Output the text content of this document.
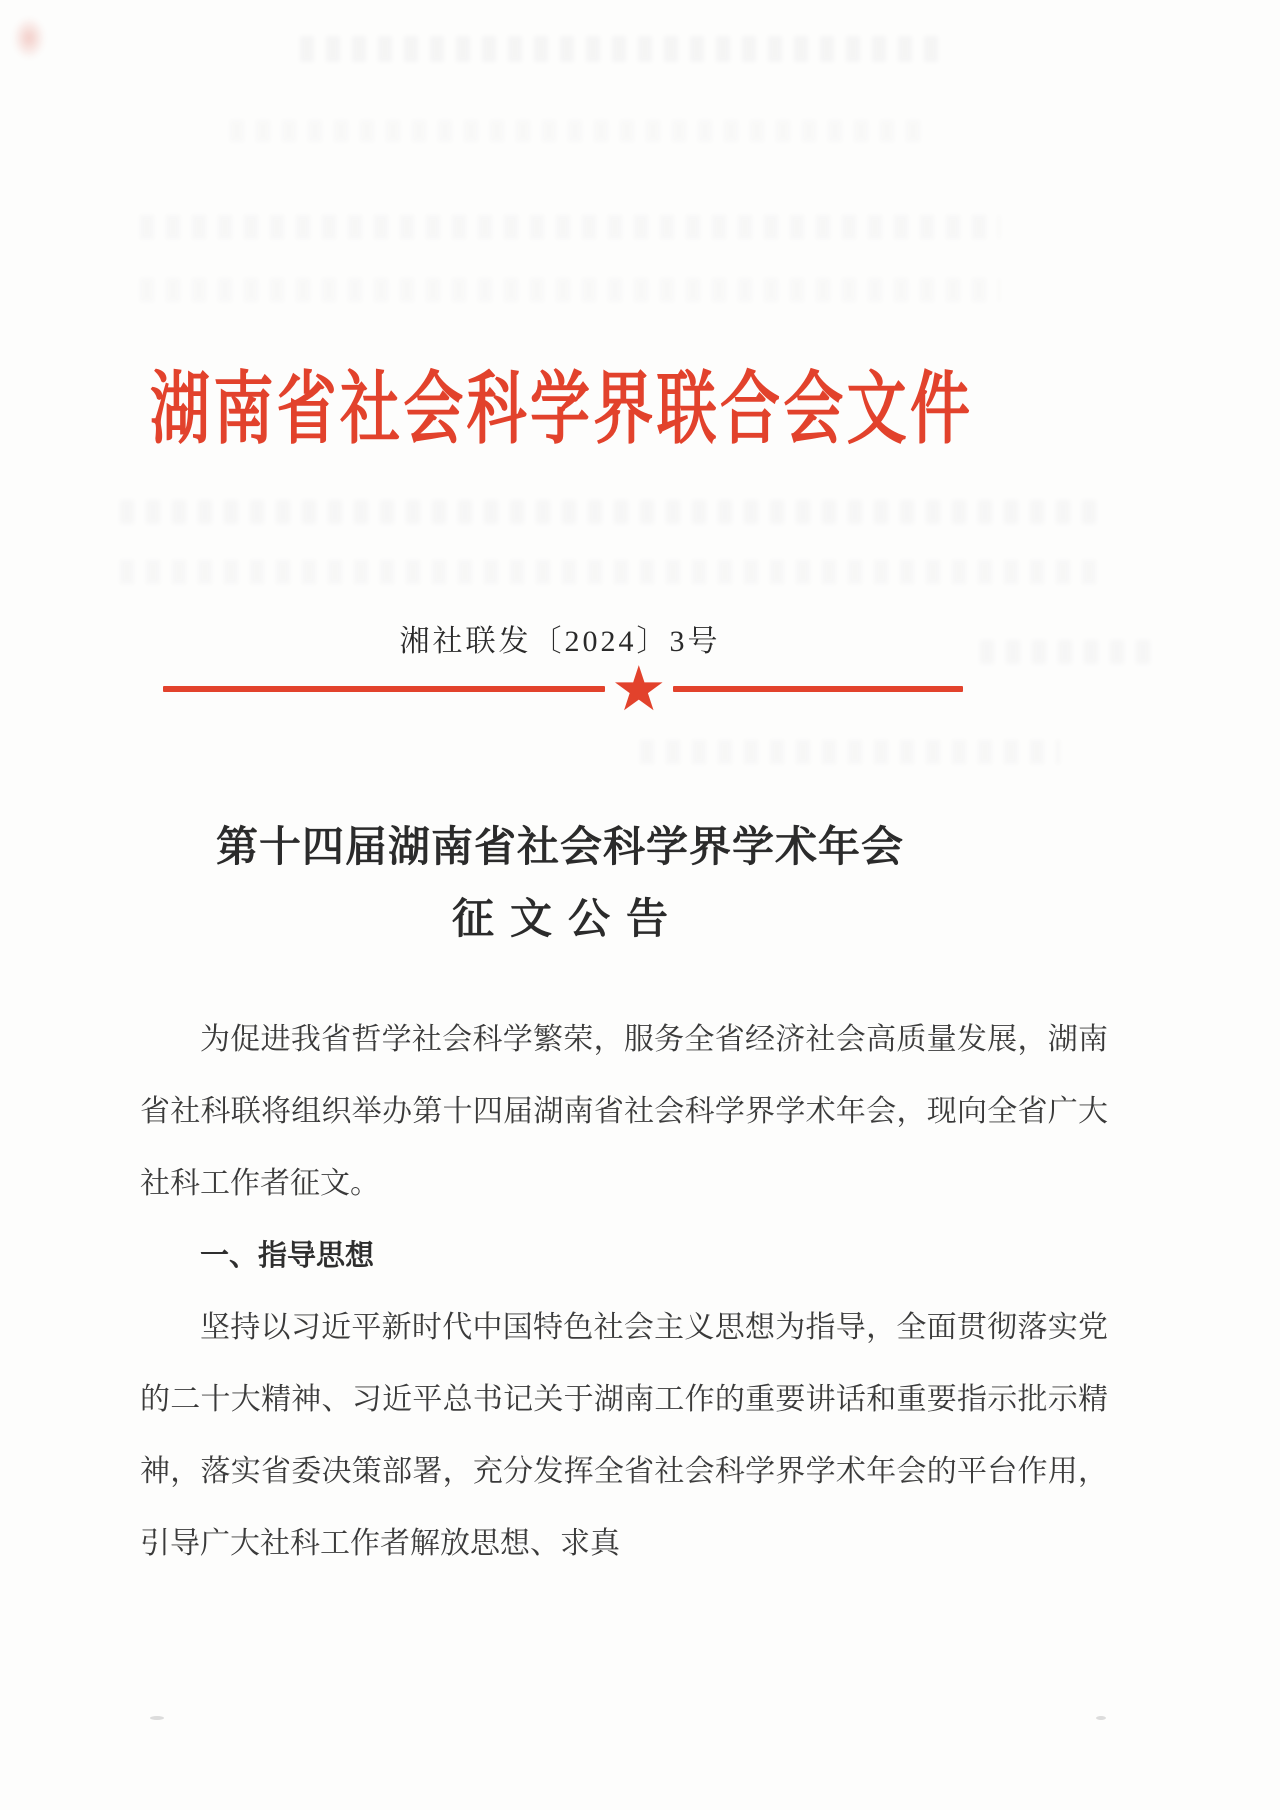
湖南省社会科学界联合会文件
湘社联发〔2024〕3号
★
第十四届湖南省社会科学界学术年会
征文公告

为促进我省哲学社会科学繁荣，服务全省经济社会高质量发展，湖南省社科联将组织举办第十四届湖南省社会科学界学术年会，现向全省广大社科工作者征文。

一、指导思想

坚持以习近平新时代中国特色社会主义思想为指导，全面贯彻落实党的二十大精神、习近平总书记关于湖南工作的重要讲话和重要指示批示精神，落实省委决策部署，充分发挥全省社会科学界学术年会的平台作用，引导广大社科工作者解放思想、求真
